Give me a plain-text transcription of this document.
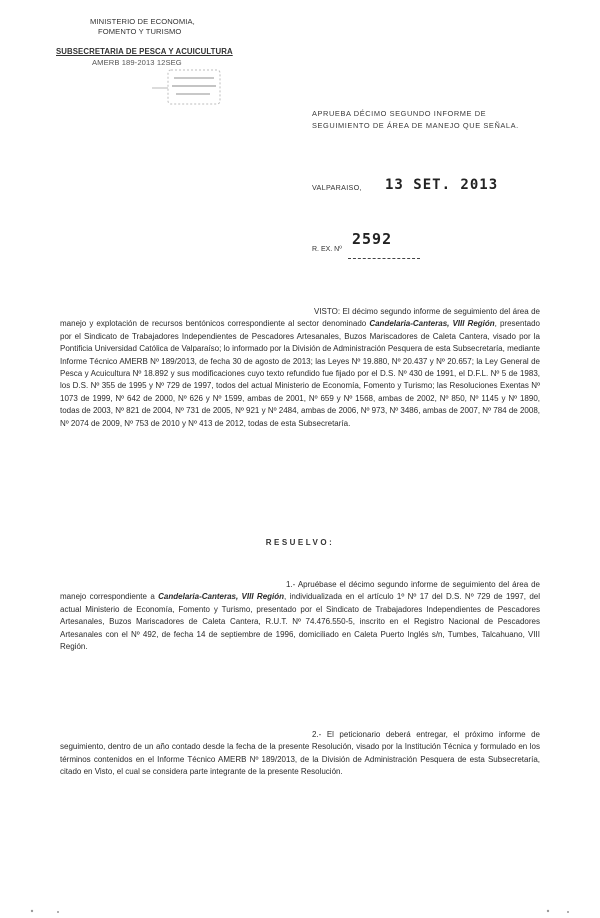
MINISTERIO DE ECONOMIA,
FOMENTO Y TURISMO
SUBSECRETARIA DE PESCA Y ACUICULTURA
AMERB 189-2013 12SEG
APRUEBA DÉCIMO SEGUNDO INFORME DE SEGUIMIENTO DE ÁREA DE MANEJO QUE SEÑALA.
VALPARAISO, 13 SET. 2013
2592
R. EX. Nº
VISTO: El décimo segundo informe de seguimiento del área de manejo y explotación de recursos bentónicos correspondiente al sector denominado Candelaria-Canteras, VIII Región, presentado por el Sindicato de Trabajadores Independientes de Pescadores Artesanales, Buzos Mariscadores de Caleta Cantera, visado por la Pontificia Universidad Católica de Valparaíso; lo informado por la División de Administración Pesquera de esta Subsecretaría, mediante Informe Técnico AMERB Nº 189/2013, de fecha 30 de agosto de 2013; las Leyes Nº 19.880, Nº 20.437 y Nº 20.657; la Ley General de Pesca y Acuicultura Nº 18.892 y sus modificaciones cuyo texto refundido fue fijado por el D.S. Nº 430 de 1991, el D.F.L. Nº 5 de 1983, los D.S. Nº 355 de 1995 y Nº 729 de 1997, todos del actual Ministerio de Economía, Fomento y Turismo; las Resoluciones Exentas Nº 1073 de 1999, Nº 642 de 2000, Nº 626 y Nº 1599, ambas de 2001, Nº 659 y Nº 1568, ambas de 2002, Nº 850, Nº 1145 y Nº 1890, todas de 2003, Nº 821 de 2004, Nº 731 de 2005, Nº 921 y Nº 2484, ambas de 2006, Nº 973, Nº 3486, ambas de 2007, Nº 784 de 2008, Nº 2074 de 2009, Nº 753 de 2010 y Nº 413 de 2012, todas de esta Subsecretaría.
RESUELVO:
1.- Apruébase el décimo segundo informe de seguimiento del área de manejo correspondiente a Candelaria-Canteras, VIII Región, individualizada en el artículo 1º Nº 17 del D.S. Nº 729 de 1997, del actual Ministerio de Economía, Fomento y Turismo, presentado por el Sindicato de Trabajadores Independientes de Pescadores Artesanales, Buzos Mariscadores de Caleta Cantera, R.U.T. Nº 74.476.550-5, inscrito en el Registro Nacional de Pescadores Artesanales con el Nº 492, de fecha 14 de septiembre de 1996, domiciliado en Caleta Puerto Inglés s/n, Tumbes, Talcahuano, VIII Región.
2.- El peticionario deberá entregar, el próximo informe de seguimiento, dentro de un año contado desde la fecha de la presente Resolución, visado por la Institución Técnica y formulado en los términos contenidos en el Informe Técnico AMERB Nº 189/2013, de la División de Administración Pesquera de esta Subsecretaría, citado en Visto, el cual se considera parte integrante de la presente Resolución.
